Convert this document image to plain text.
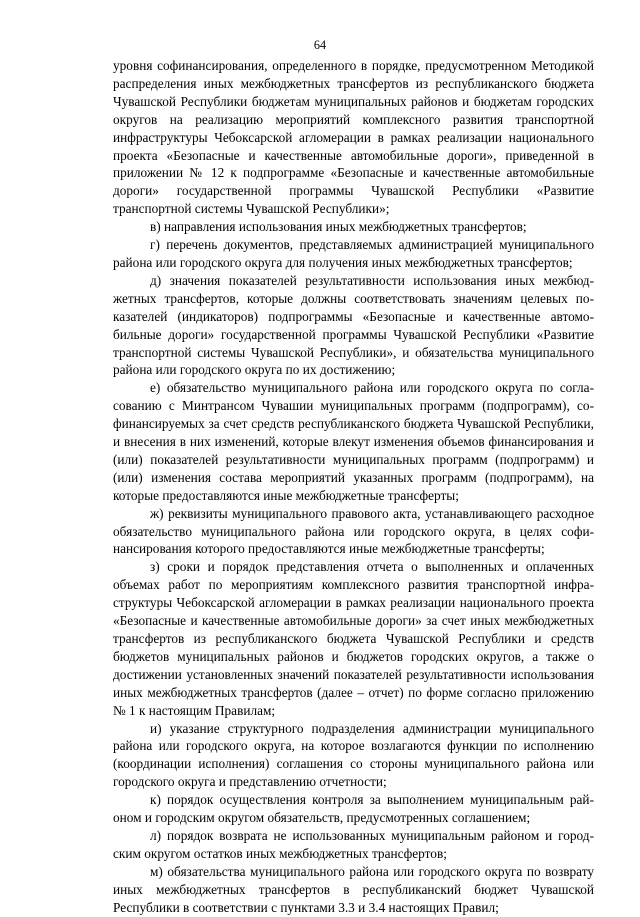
64

уровня софинансирования, определенного в порядке, предусмотренном Методикой распределения иных межбюджетных трансфертов из республиканского бюджета Чувашской Республики бюджетам муниципальных районов и бюджетам городских округов на реализацию мероприятий комплексного развития транспортной инфраструктуры Чебоксарской агломерации в рамках реализации национального проекта «Безопасные и качественные автомобильные дороги», приведенной в приложении № 12 к подпрограмме «Безопасные и качественные автомобильные дороги» государственной программы Чувашской Республики «Развитие транспортной системы Чувашской Республики»;

в) направления использования иных межбюджетных трансфертов;

г) перечень документов, представляемых администрацией муниципального района или городского округа для получения иных межбюджетных трансфертов;

д) значения показателей результативности использования иных межбюджетных трансфертов, которые должны соответствовать значениям целевых показателей (индикаторов) подпрограммы «Безопасные и качественные автомобильные дороги» государственной программы Чувашской Республики «Развитие транспортной системы Чувашской Республики», и обязательства муниципального района или городского округа по их достижению;

е) обязательство муниципального района или городского округа по согласованию с Минтрансом Чувашии муниципальных программ (подпрограмм), софинансируемых за счет средств республиканского бюджета Чувашской Республики, и внесения в них изменений, которые влекут изменения объемов финансирования и (или) показателей результативности муниципальных программ (подпрограмм) и (или) изменения состава мероприятий указанных программ (подпрограмм), на которые предоставляются иные межбюджетные трансферты;

ж) реквизиты муниципального правового акта, устанавливающего расходное обязательство муниципального района или городского округа, в целях софинансирования которого предоставляются иные межбюджетные трансферты;

з) сроки и порядок представления отчета о выполненных и оплаченных объемах работ по мероприятиям комплексного развития транспортной инфраструктуры Чебоксарской агломерации в рамках реализации национального проекта «Безопасные и качественные автомобильные дороги» за счет иных межбюджетных трансфертов из республиканского бюджета Чувашской Республики и средств бюджетов муниципальных районов и бюджетов городских округов, а также о достижении установленных значений показателей результативности использования иных межбюджетных трансфертов (далее – отчет) по форме согласно приложению № 1 к настоящим Правилам;

и) указание структурного подразделения администрации муниципального района или городского округа, на которое возлагаются функции по исполнению (координации исполнения) соглашения со стороны муниципального района или городского округа и представлению отчетности;

к) порядок осуществления контроля за выполнением муниципальным районом и городским округом обязательств, предусмотренных соглашением;

л) порядок возврата не использованных муниципальным районом и городским округом остатков иных межбюджетных трансфертов;

м) обязательства муниципального района или городского округа по возврату иных межбюджетных трансфертов в республиканский бюджет Чувашской Республики в соответствии с пунктами 3.3 и 3.4 настоящих Правил;
